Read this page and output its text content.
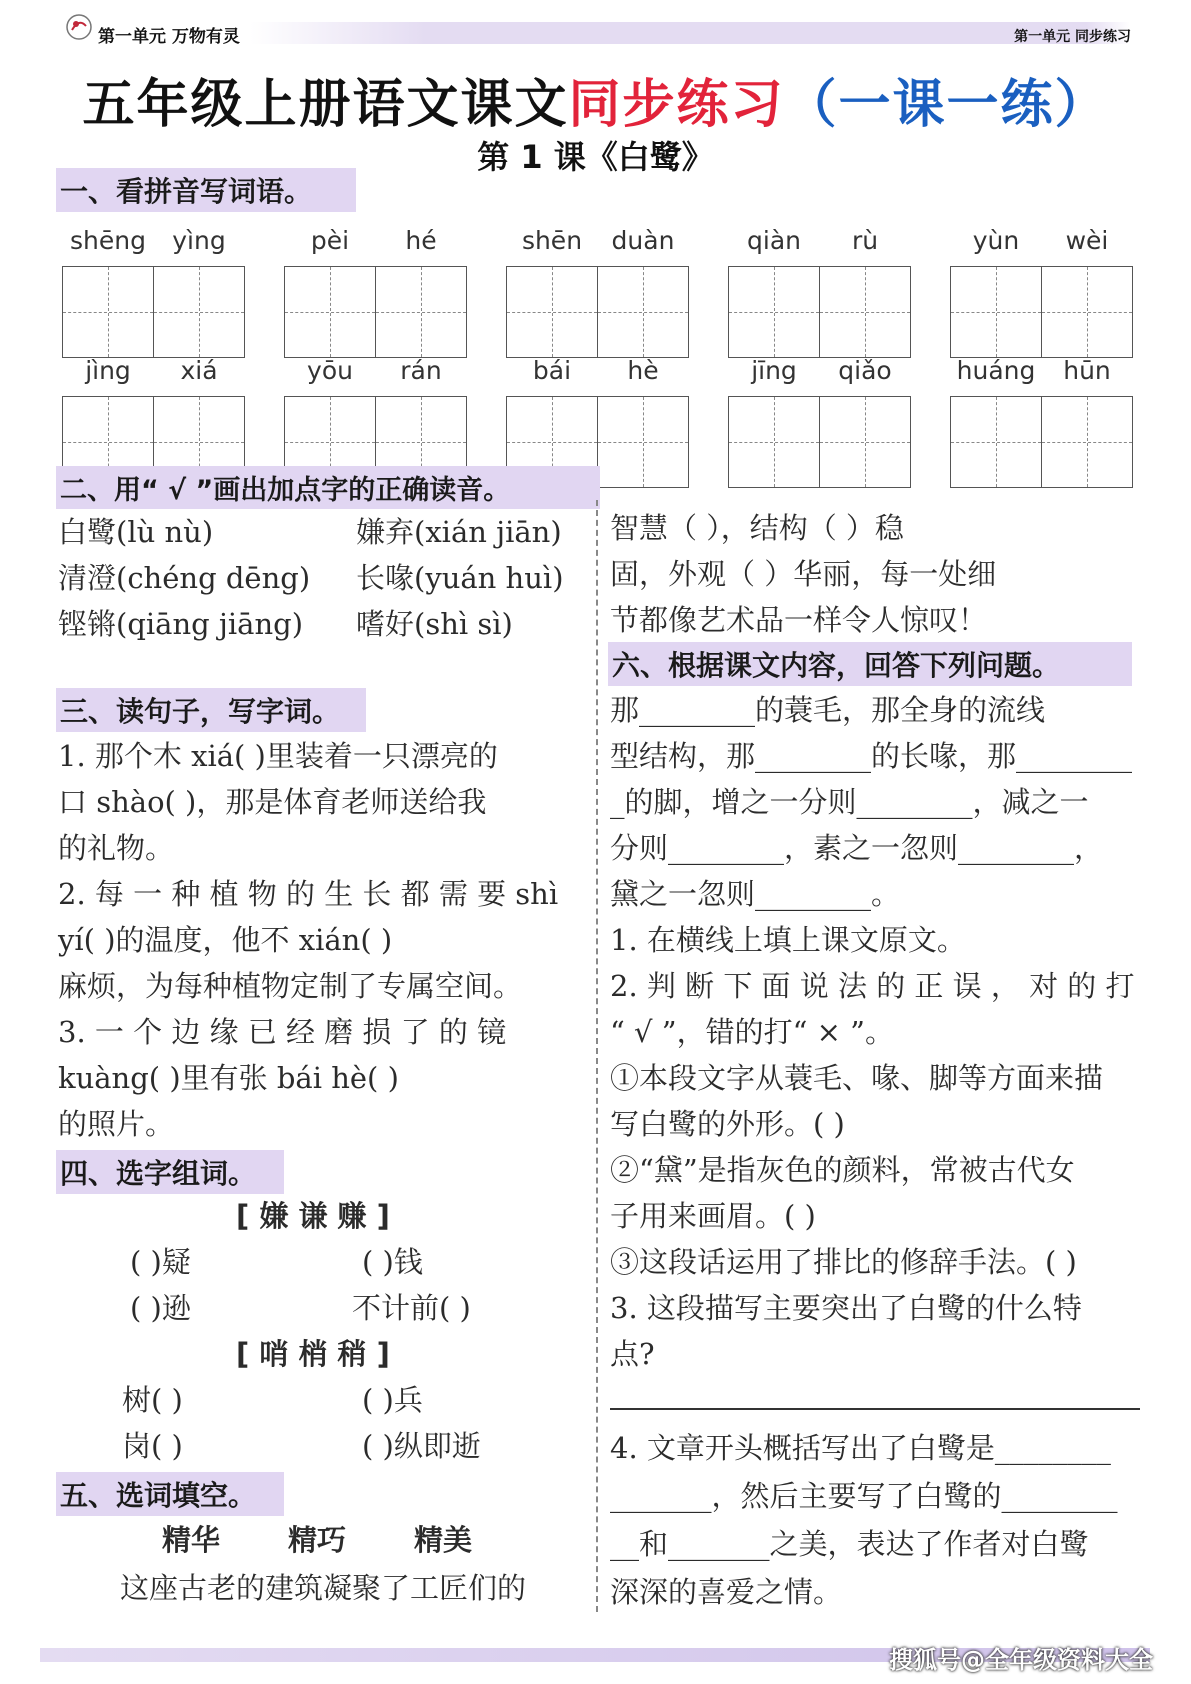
第一单元 万物有灵	第一单元 同步练习
五年级上册语文课文同步练习（一课一练）
第 1 课《白鹭》
一、看拼音写词语。
shēng	yìng	pèi	hé	shēn	duàn	qiàn	rù	yùn	wèi
jìng	xiá	yōu	rán	bái	hè	jīng	qiǎo	huáng	hūn
二、用“ √ ”画出加点字的正确读音。
白鹭(lù nù)	嫌弃(xián jiān)
清澄(chéng dēng) 长喙(yuán huì)
铿锵(qiāng jiāng) 嗜好(shì sì)
三、读句子，写字词。
1. 那个木 xiá( )里装着一只漂亮的
口 shào( )，那是体育老师送给我
的礼物。
2. 每 一 种 植 物 的 生 长 都 需 要 shì
yí( )的温度，他不 xián( )
麻烦，为每种植物定制了专属空间。
3. 一 个 边 缘 已 经 磨 损 了 的 镜
kuàng( )里有张 bái hè( )
的照片。
四、选字组词。
[ 嫌 谦 赚 ]
( )疑	( )钱
( )逊	不计前( )
[ 哨 梢 稍 ]
树( )	( )兵
岗( )	( )纵即逝
五、选词填空。
精华 精巧 精美
这座古老的建筑凝聚了工匠们的
智慧（ ），结构（ ）稳
固，外观（ ）华丽，每一处细
节都像艺术品一样令人惊叹！
六、根据课文内容，回答下列问题。
那________的蓑毛，那全身的流线
型结构，那________的长喙，那________
_的脚，增之一分则________，减之一
分则________，素之一忽则________，
黛之一忽则________。
1. 在横线上填上课文原文。
2. 判 断 下 面 说 法 的 正 误 ， 对 的 打
“ √ ”，错的打“ × ”。
①本段文字从蓑毛、喙、脚等方面来描
写白鹭的外形。( )
②“黛”是指灰色的颜料，常被古代女
子用来画眉。( )
③这段话运用了排比的修辞手法。( )
3. 这段描写主要突出了白鹭的什么特
点?
4. 文章开头概括写出了白鹭是________
_______，然后主要写了白鹭的________
__和_______之美，表达了作者对白鹭
深深的喜爱之情。
搜狐号@全年级资料大全
